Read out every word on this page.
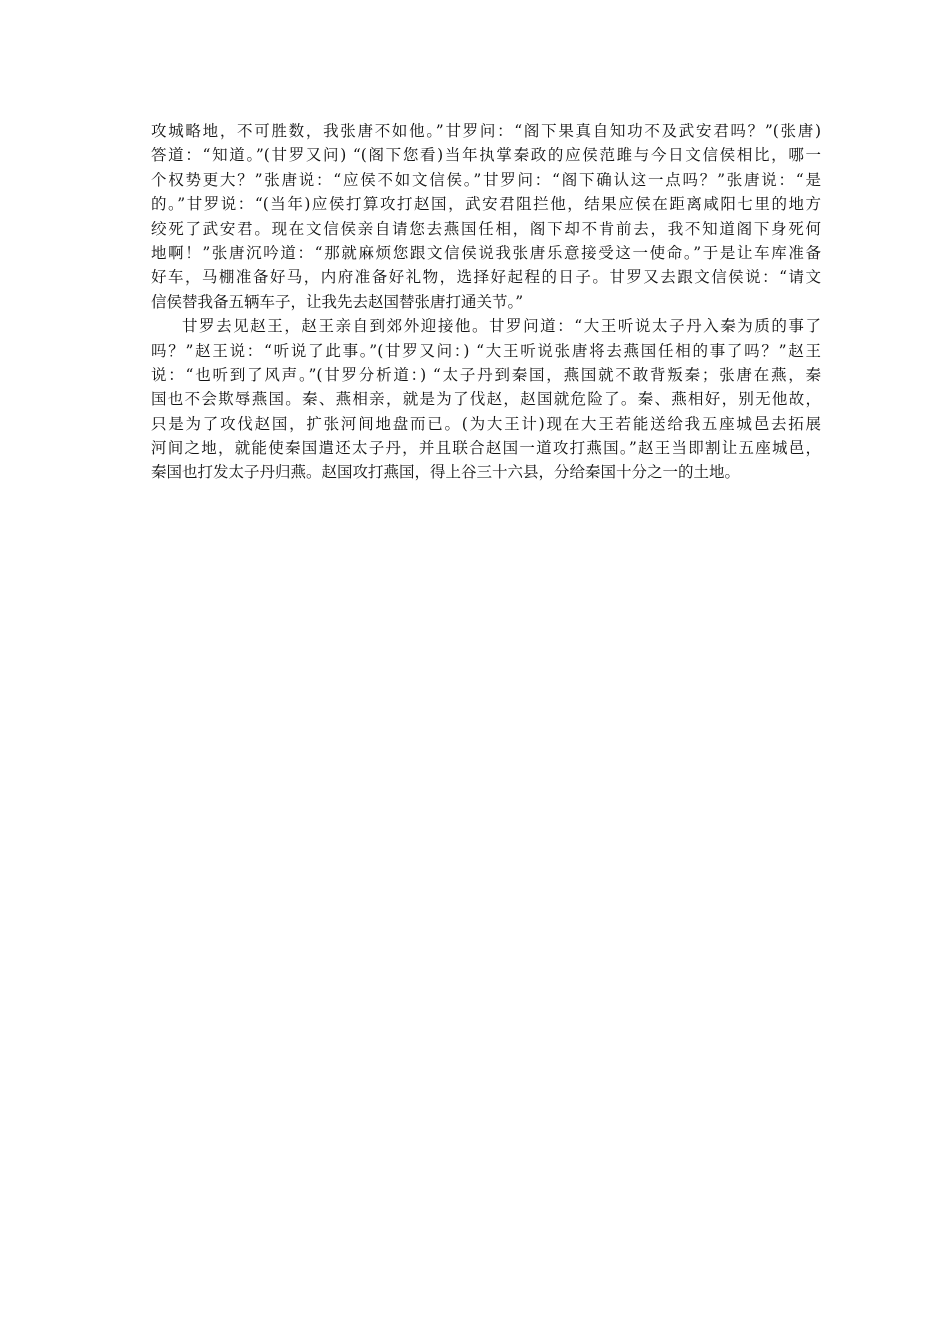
攻城略地，不可胜数，我张唐不如他。”甘罗问：“阁下果真自知功不及武安君吗？”(张唐)
答道：“知道。”(甘罗又问) “(阁下您看)当年执掌秦政的应侯范雎与今日文信侯相比，哪一
个权势更大？”张唐说：“应侯不如文信侯。”甘罗问：“阁下确认这一点吗？”张唐说：“是
的。”甘罗说：“(当年)应侯打算攻打赵国，武安君阻拦他，结果应侯在距离咸阳七里的地方
绞死了武安君。现在文信侯亲自请您去燕国任相，阁下却不肯前去，我不知道阁下身死何
地啊！”张唐沉吟道：“那就麻烦您跟文信侯说我张唐乐意接受这一使命。”于是让车库准备
好车，马棚准备好马，内府准备好礼物，选择好起程的日子。甘罗又去跟文信侯说：“请文
信侯替我备五辆车子，让我先去赵国替张唐打通关节。”
甘罗去见赵王，赵王亲自到郊外迎接他。甘罗问道：“大王听说太子丹入秦为质的事了
吗？”赵王说：“听说了此事。”(甘罗又问：) “大王听说张唐将去燕国任相的事了吗？”赵王
说：“也听到了风声。”(甘罗分析道：) “太子丹到秦国，燕国就不敢背叛秦；张唐在燕，秦
国也不会欺辱燕国。秦、燕相亲，就是为了伐赵，赵国就危险了。秦、燕相好，别无他故，
只是为了攻伐赵国，扩张河间地盘而已。(为大王计)现在大王若能送给我五座城邑去拓展
河间之地，就能使秦国遣还太子丹，并且联合赵国一道攻打燕国。”赵王当即割让五座城邑，
秦国也打发太子丹归燕。赵国攻打燕国，得上谷三十六县，分给秦国十分之一的土地。
